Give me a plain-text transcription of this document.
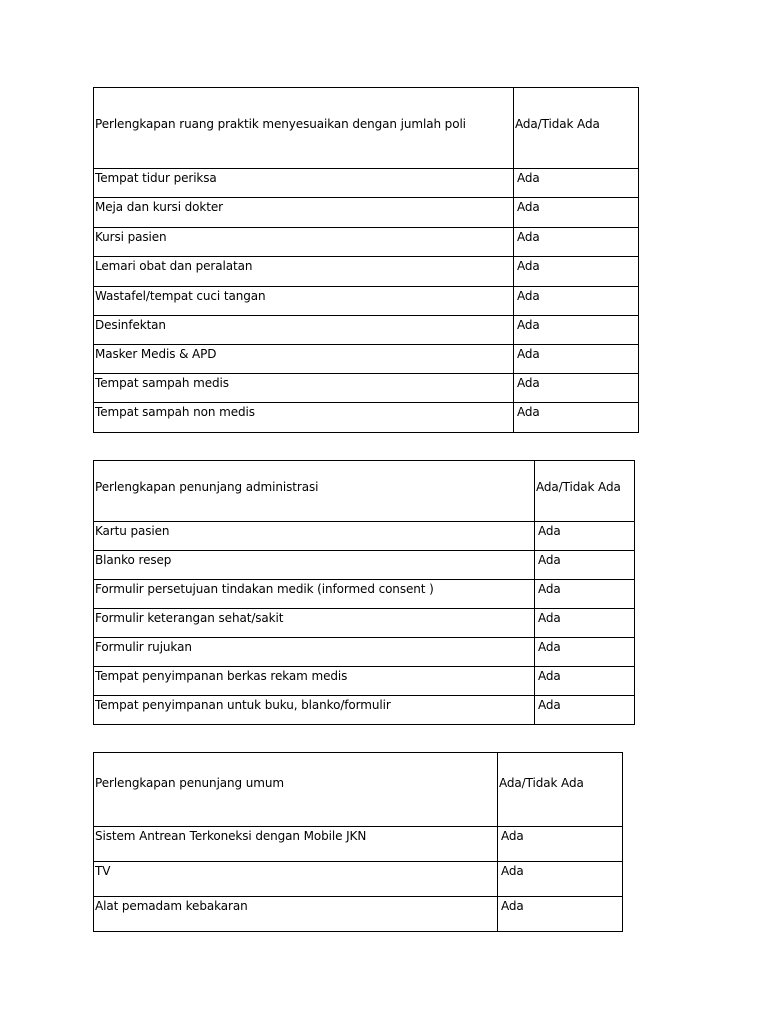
Perlengkapan ruang praktik menyesuaikan dengan jumlah poli	Ada/Tidak Ada

Tempat tidur periksa	Ada

Meja dan kursi dokter	Ada

Kursi pasien	Ada

Lemari obat dan peralatan	Ada

Wastafel/tempat cuci tangan	Ada

Desinfektan	Ada

Masker Medis & APD	Ada

Tempat sampah medis	Ada

Tempat sampah non medis	Ada
Perlengkapan penunjang administrasi	Ada/Tidak Ada

Kartu pasien	Ada

Blanko resep	Ada

Formulir persetujuan tindakan medik (informed consent )	Ada

Formulir keterangan sehat/sakit	Ada

Formulir rujukan	Ada

Tempat penyimpanan berkas rekam medis	Ada

Tempat penyimpanan untuk buku, blanko/formulir	Ada
Perlengkapan penunjang umum	Ada/Tidak Ada

Sistem Antrean Terkoneksi dengan Mobile JKN	Ada

TV	Ada

Alat pemadam kebakaran	Ada
